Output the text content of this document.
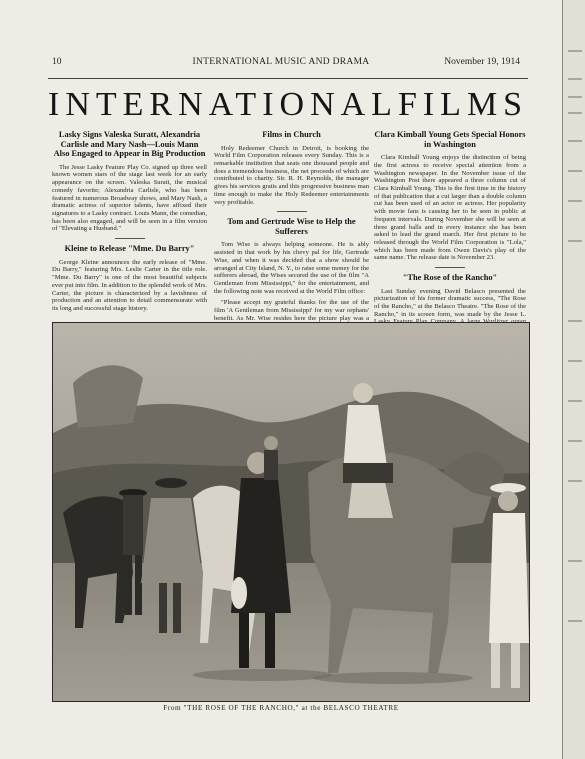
10	INTERNATIONAL MUSIC AND DRAMA	November 19, 1914
INTERNATIONAL FILMS
Lasky Signs Valeska Suratt, Alexandria Carlisle and Mary Nash—Louis Mann Also Engaged to Appear in Big Production

The Jesse Lasky Feature Play Co. signed up three well known women stars of the stage last week for an early appearance on the screen. Valeska Suratt, the musical comedy favorite; Alexandria Carlisle, who has been featured in numerous Broadway shows, and Mary Nash, a dramatic actress of superior talents, have affixed their signatures to a Lasky contract. Louis Mann, the comedian, has been also engaged, and will be seen in a film version of "Elevating a Husband."

Kleine to Release "Mme. Du Barry"

George Kleine announces the early release of "Mme. Du Barry," featuring Mrs. Leslie Carter in the title role. "Mme. Du Barry" is one of the most beautiful subjects ever put into film. In addition to the splendid work of Mrs. Carter, the picture is characterized by a lavishness of production and an attention to detail commensurate with its long and successful stage history.

Films in Church

Holy Redeemer Church in Detroit, is booking the World Film Corporation releases every Sunday. This is a remarkable institution that seats one thousand people and does a tremendous business, the net proceeds of which are contributed to charity. Sir. R. H. Reynolds, the manager gives his services gratis and this progressive business man time enough to make the Holy Redeemer entertainments very profitable.

Tom and Gertrude Wise to Help the Sufferers

Tom Wise is always helping someone. He is ably assisted in that work by his chevy pal for life, Gertrude Wise, and when it was decided that a show should be arranged at City Island, N. Y., to raise some money for the sufferers abroad, the Wises secured the use of the film "A Gentleman from Mississippi," for the entertainment, and the following note was received at the World Film office:

"Please accept my grateful thanks for the use of the film 'A Gentleman from Mississippi' for my war orphans' benefit. As Mr. Wise resides here the picture play was a

Clara Kimball Young Gets Special Honors in Washington

Clara Kimball Young enjoys the distinction of being the first actress to receive special attention from a Washington newspaper. In the November issue of the Washington Post there appeared a three column cut of Clara Kimball Young. This is the first time in the history of that publication that a cut larger than a double column cut has been used of an actor or actress. Her popularity with movie fans is causing her to be seen in public at frequent intervals. During November she will be seen at three grand balls and in every instance she has been asked to lead the grand march. Her first picture to be released through the World Film Corporation is "Lola," which has been made from Owen Davis's play of the same name. The release date is November 23.

"The Rose of the Rancho"

Last Sunday evening David Belasco presented the picturization of his former dramatic success, "The Rose of the Rancho," at the Belasco Theatre. "The Rose of the Rancho," in its screen form, was made by the Jesse L.

From "THE ROSE OF THE RANCHO," at the BELASCO THEATRE
